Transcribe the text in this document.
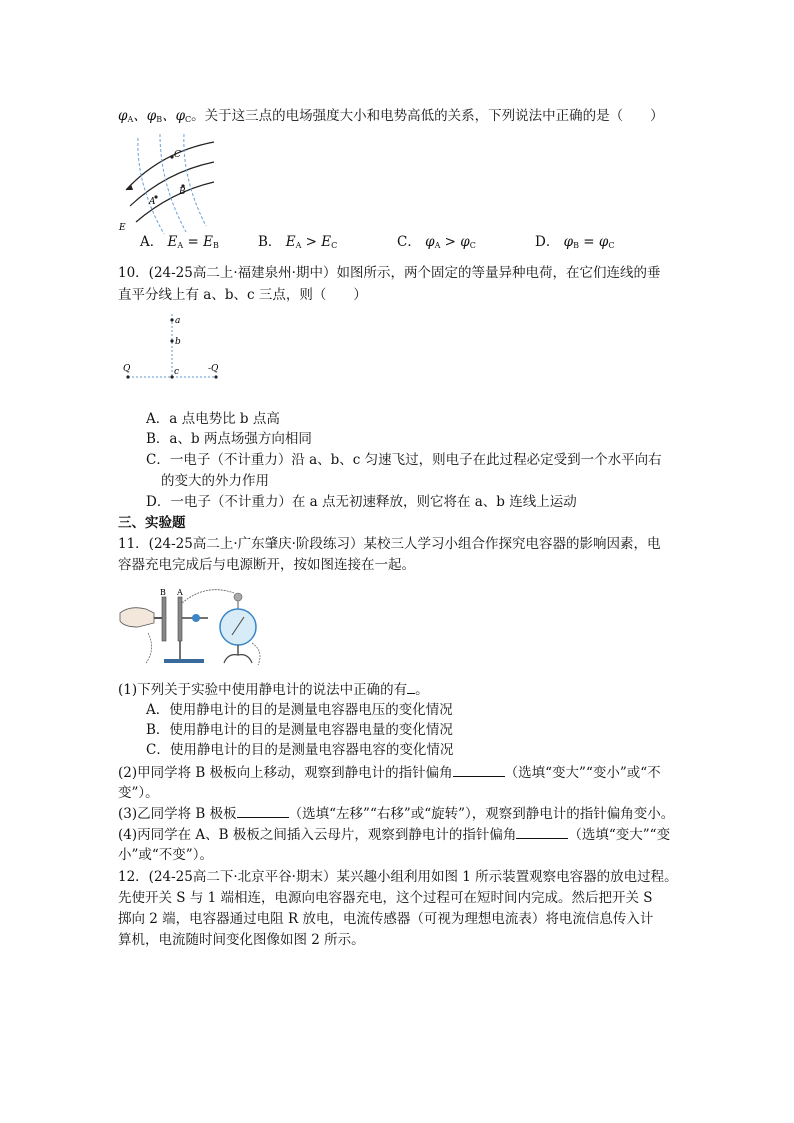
$\varphi_A$、$\varphi_B$、$\varphi_C$。关于这三点的电场强度大小和电势高低的关系，下列说法中正确的是（　　）
C
B
A
E
A． $E_A = E_B$	B． $E_A > E_C$	C． $\varphi_A > \varphi_C$	D． $\varphi_B = \varphi_C$
10．(24-25高二上·福建泉州·期中）如图所示，两个固定的等量异种电荷，在它们连线的垂
直平分线上有 a、b、c 三点，则（　　）
a
b
Q	c	-Q
A．a 点电势比 b 点高
B．a、b 两点场强方向相同
C．一电子（不计重力）沿 a、b、c 匀速飞过，则电子在此过程必定受到一个水平向右
的变大的外力作用
D．一电子（不计重力）在 a 点无初速释放，则它将在 a、b 连线上运动
三、实验题
11．(24-25高二上·广东肇庆·阶段练习）某校三人学习小组合作探究电容器的影响因素，电
容器充电完成后与电源断开，按如图连接在一起。
B A
(1)下列关于实验中使用静电计的说法中正确的有 。
A．使用静电计的目的是测量电容器电压的变化情况
B．使用静电计的目的是测量电容器电量的变化情况
C．使用静电计的目的是测量电容器电容的变化情况
(2)甲同学将 B 极板向上移动，观察到静电计的指针偏角	（选填“变大”“变小”或“不
变”）。
(3)乙同学将 B 极板	（选填“左移”“右移”或“旋转”），观察到静电计的指针偏角变小。
(4)丙同学在 A、B 极板之间插入云母片，观察到静电计的指针偏角	（选填“变大”“变
小”或“不变”）。
12．(24-25高二下·北京平谷·期末）某兴趣小组利用如图 1 所示装置观察电容器的放电过程。
先使开关 S 与 1 端相连，电源向电容器充电，这个过程可在短时间内完成。然后把开关 S
掷向 2 端，电容器通过电阻 R 放电，电流传感器（可视为理想电流表）将电流信息传入计
算机，电流随时间变化图像如图 2 所示。
